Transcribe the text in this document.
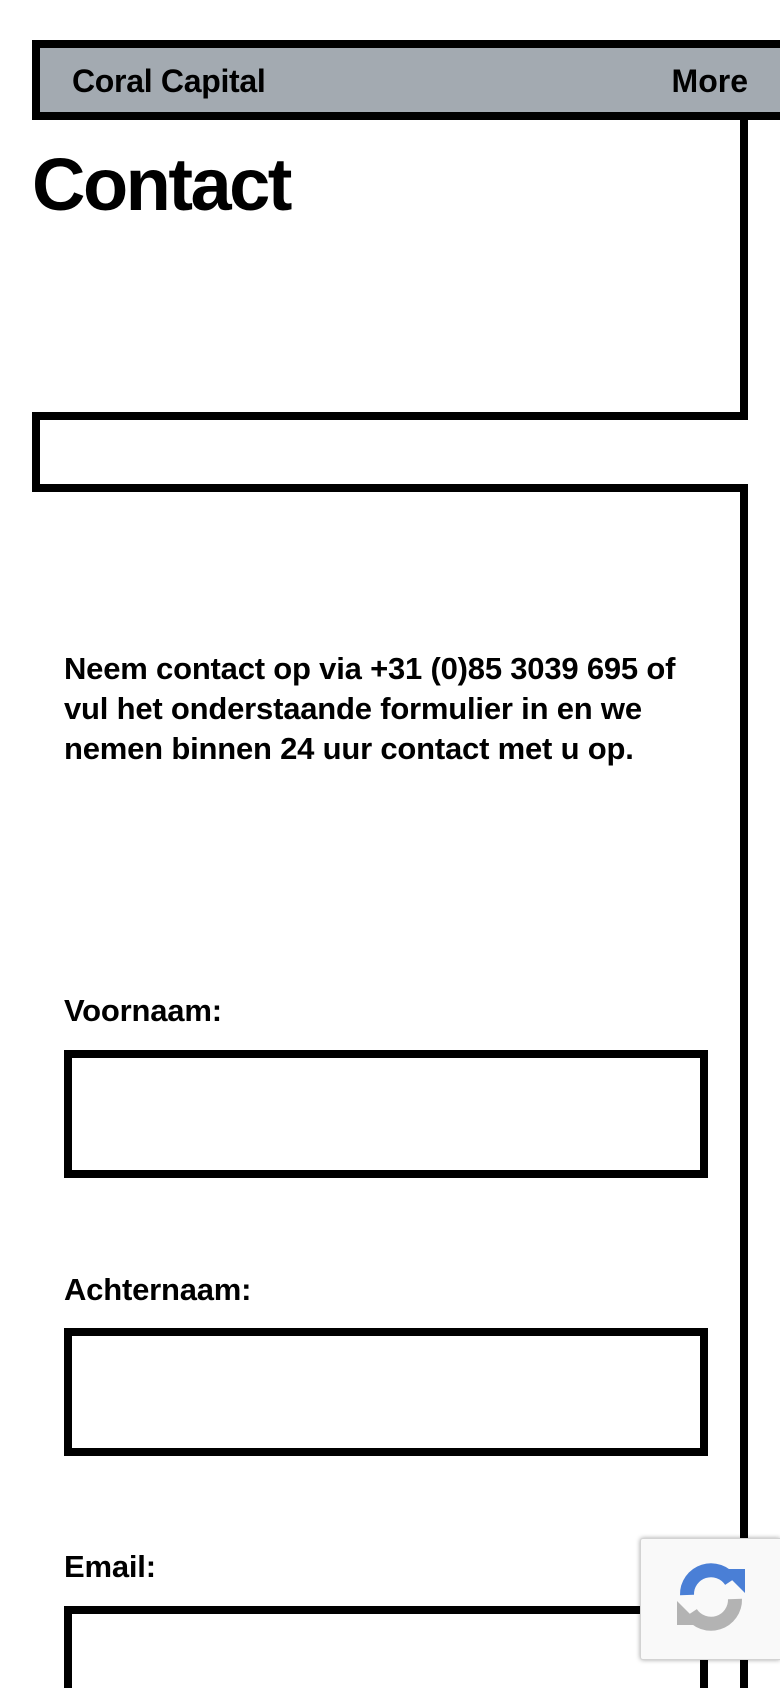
Coral Capital	More
Contact

Neem contact op via +31 (0)85 3039 695 of vul het onderstaande formulier in en we nemen binnen 24 uur contact met u op.

Voornaam:
Achternaam:
Email:
